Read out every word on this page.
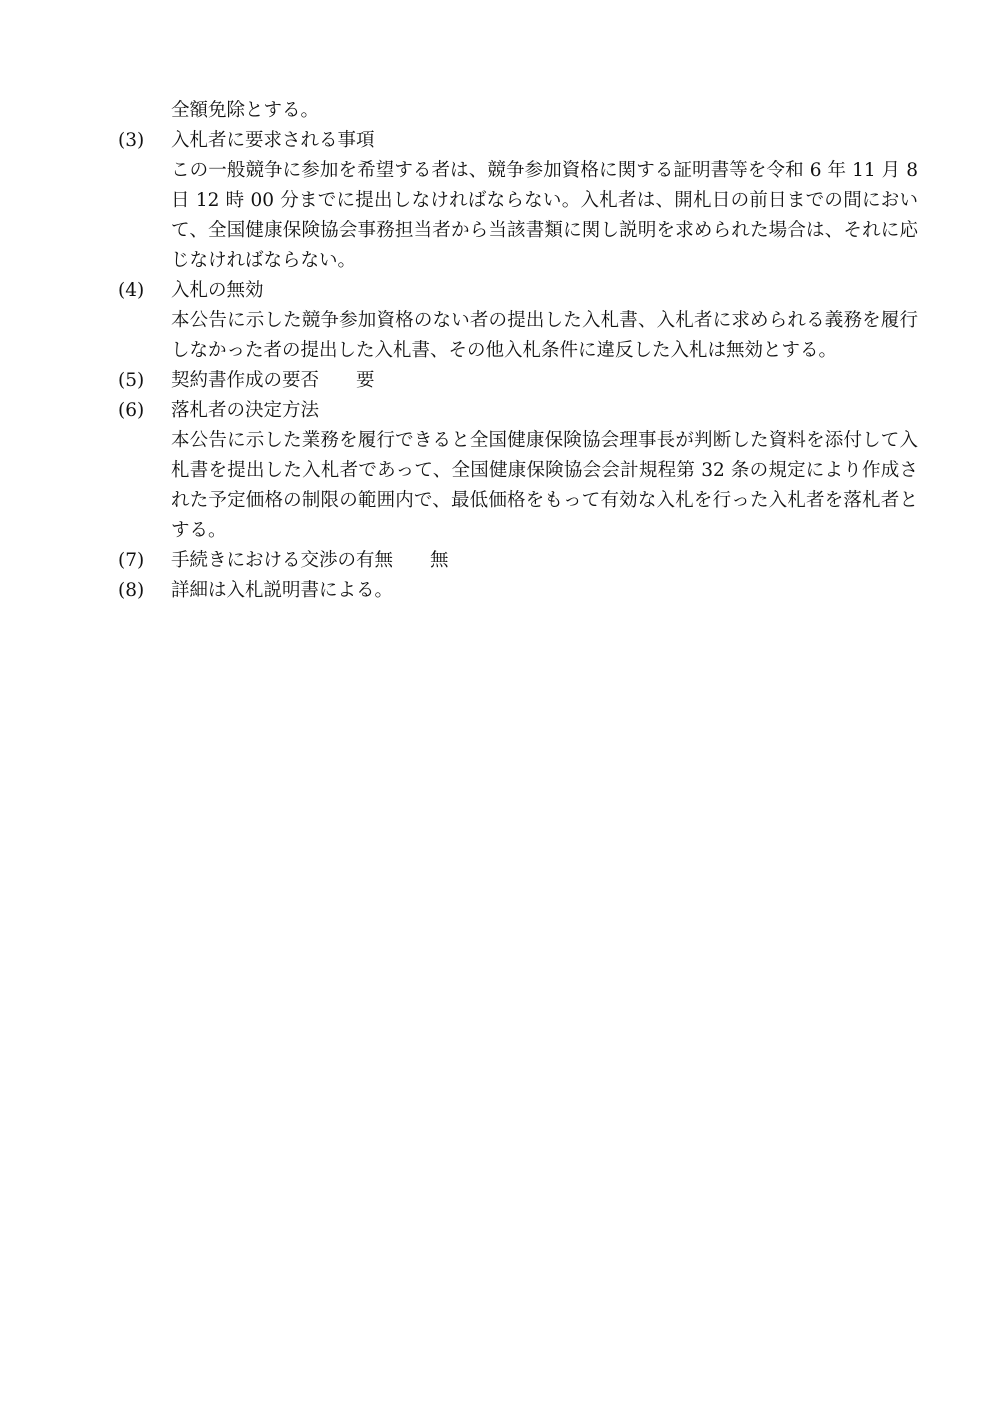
全額免除とする。
(3)	入札者に要求される事項
この一般競争に参加を希望する者は、競争参加資格に関する証明書等を令和 6 年 11 月 8 日 12 時 00 分までに提出しなければならない。入札者は、開札日の前日までの間において、全国健康保険協会事務担当者から当該書類に関し説明を求められた場合は、それに応じなければならない。
(4)	入札の無効
本公告に示した競争参加資格のない者の提出した入札書、入札者に求められる義務を履行しなかった者の提出した入札書、その他入札条件に違反した入札は無効とする。
(5)	契約書作成の要否 要
(6)	落札者の決定方法
本公告に示した業務を履行できると全国健康保険協会理事長が判断した資料を添付して入札書を提出した入札者であって、全国健康保険協会会計規程第 32 条の規定により作成された予定価格の制限の範囲内で、最低価格をもって有効な入札を行った入札者を落札者とする。
(7)	手続きにおける交渉の有無 無
(8)	詳細は入札説明書による。
